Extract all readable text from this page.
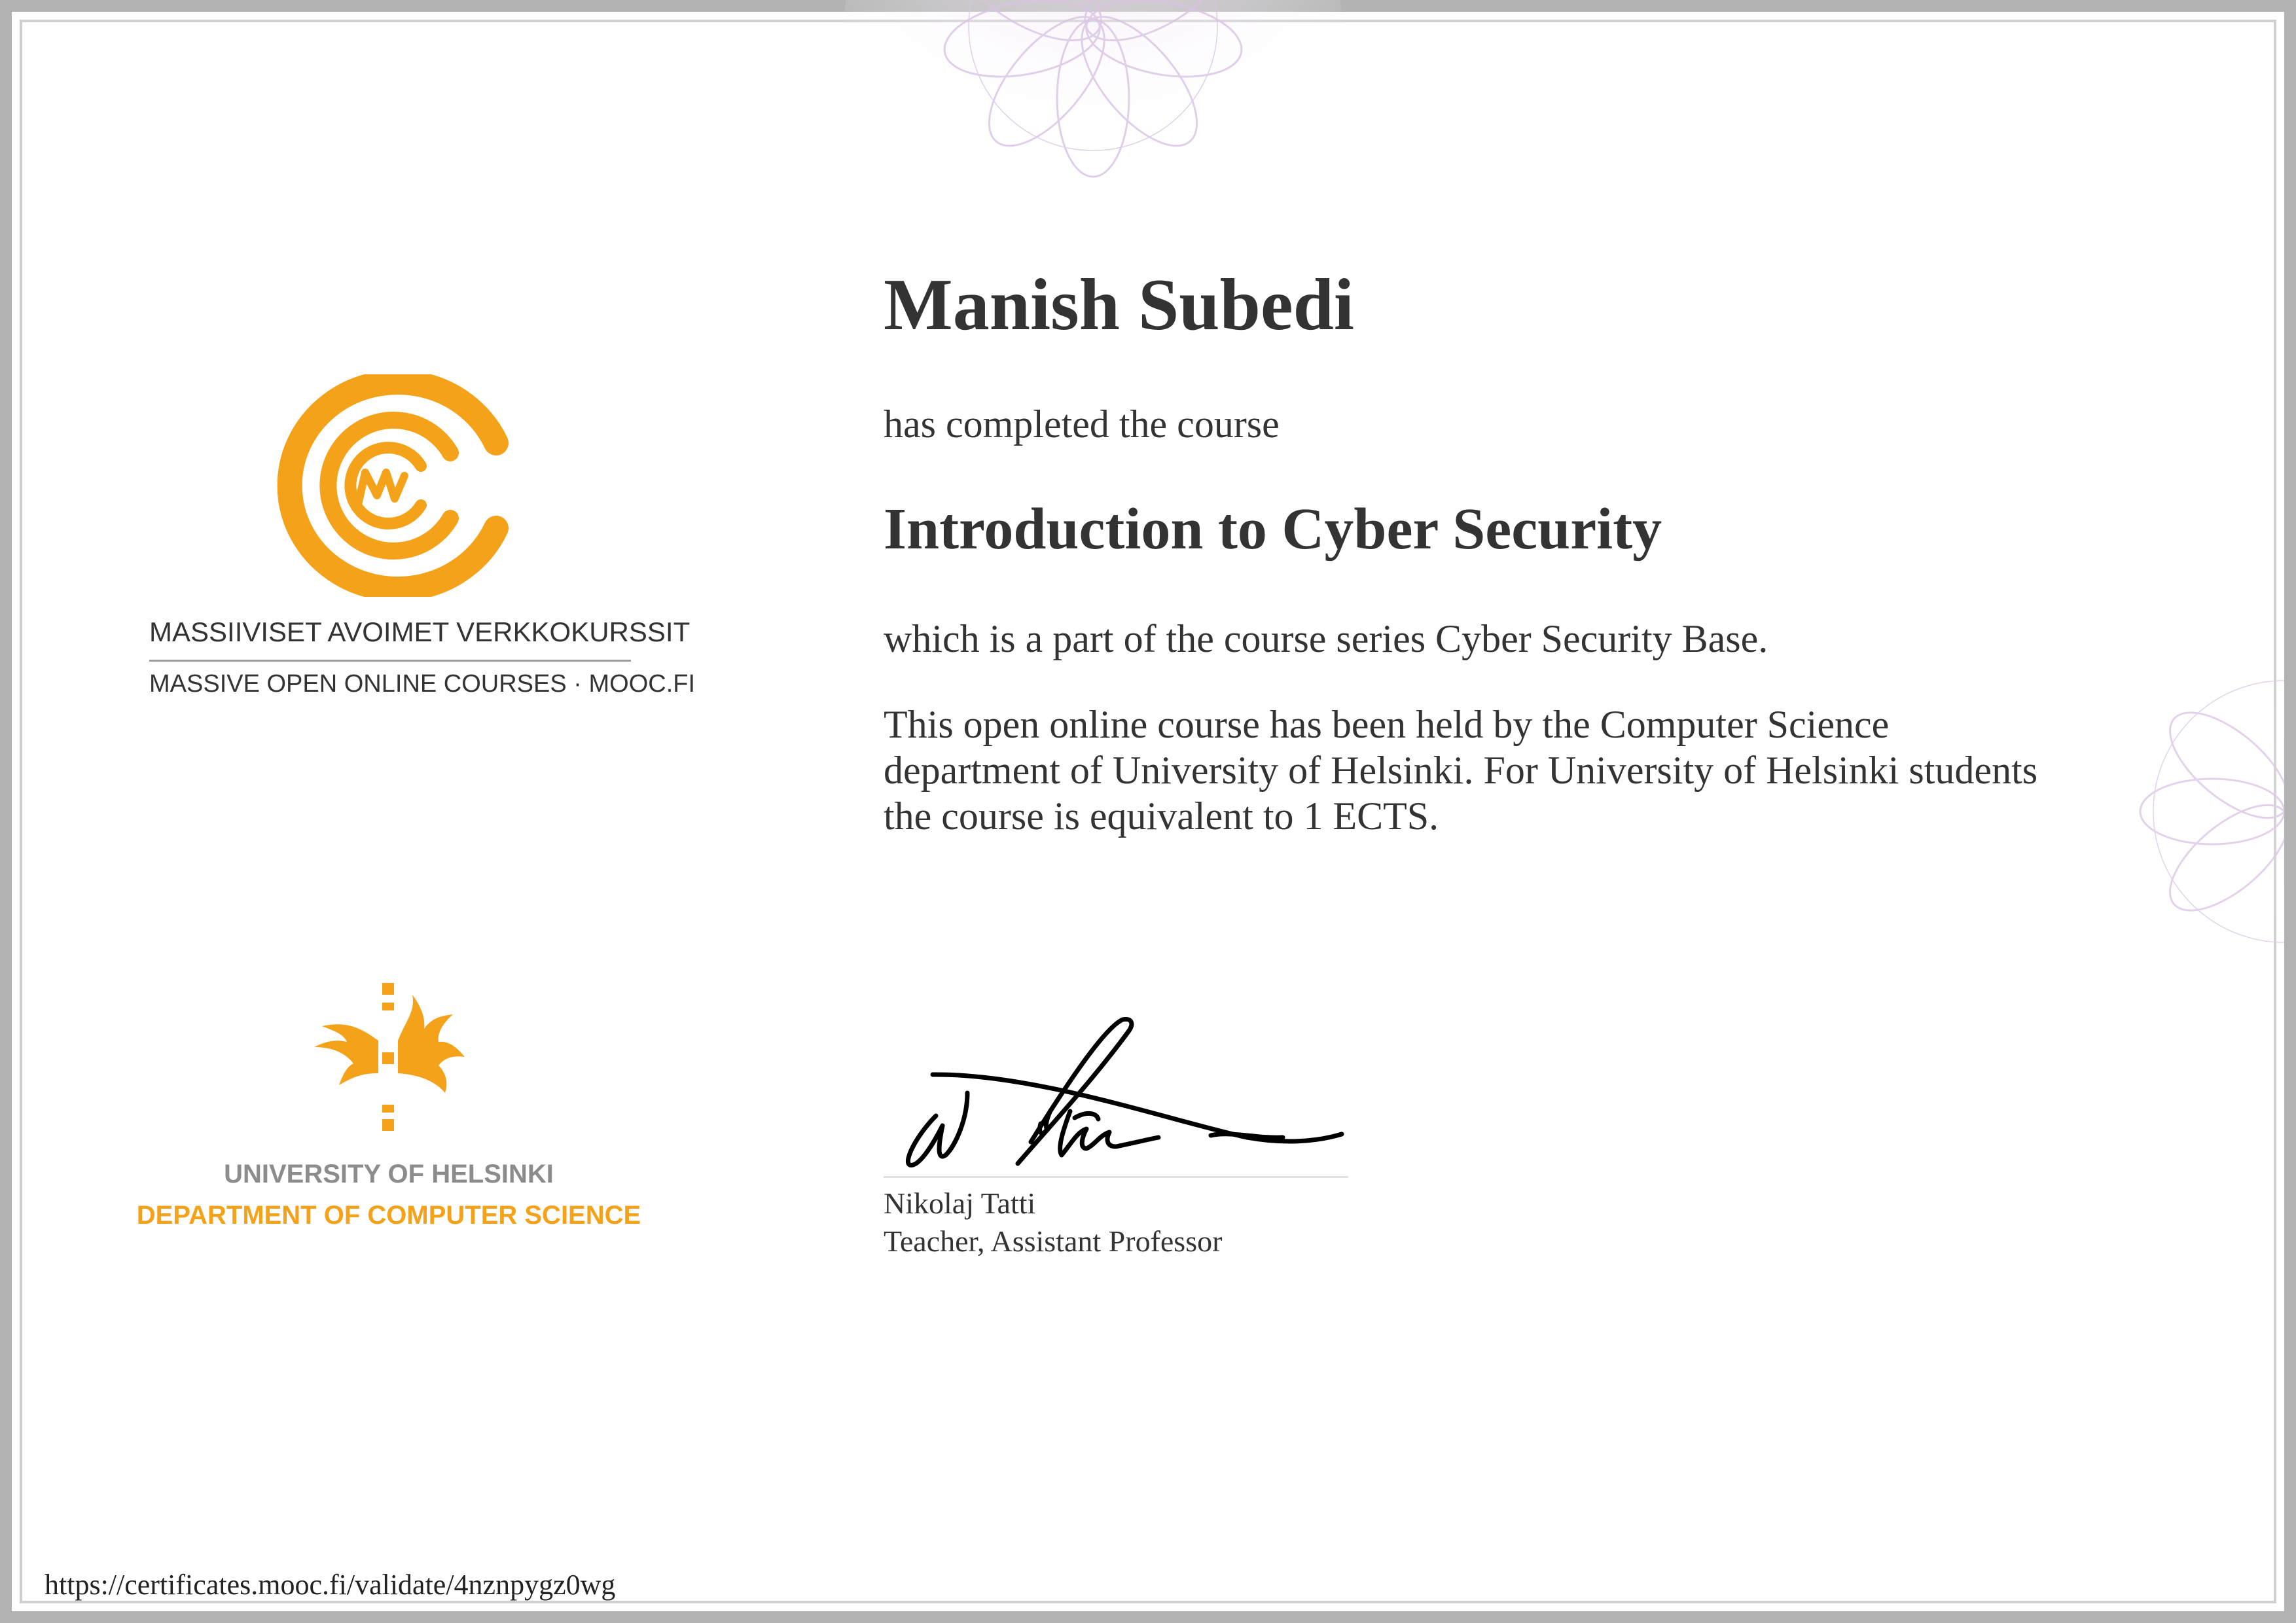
MASSIIVISET AVOIMET VERKKOKURSSIT
MASSIVE OPEN ONLINE COURSES · MOOC.FI
UNIVERSITY OF HELSINKI
DEPARTMENT OF COMPUTER SCIENCE
Manish Subedi
has completed the course
Introduction to Cyber Security
which is a part of the course series Cyber Security Base.
This open online course has been held by the Computer Science
department of University of Helsinki. For University of Helsinki students
the course is equivalent to 1 ECTS.
Nikolaj Tatti
Teacher, Assistant Professor
https://certificates.mooc.fi/validate/4nznpygz0wg
